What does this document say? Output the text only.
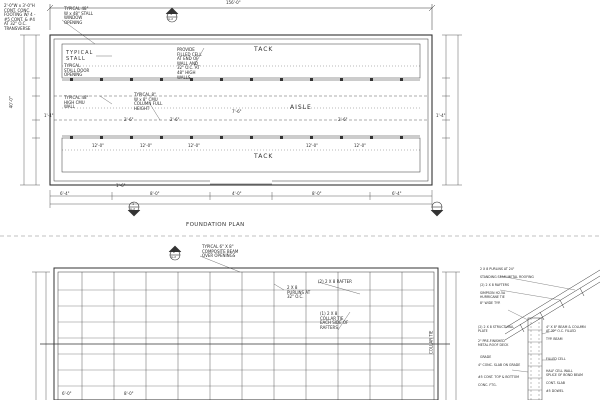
156'-0"
40'-0"
2'-0"W x 3'-0"H
CONT. CONC.
FOOTING W/ 4 -
#5 CONT. & #4
AT 32" O.C.
TRANSVERSE
TYPICAL 48"
W x 48" STALL
WINDOW
OPENING
TYPICAL
STALL
TYPICAL
STALL DOOR
OPENING
PROVIDE
FILLED CELL
AT END OF
WALL AND
32" O.C. AT
48" HIGH
WALLS
TACK
AISLE
TACK
TYPICAL 48"
HIGH CMU
WALL
TYPICAL 8"
W x 8" CMU
COLUMN FULL
HEIGHT
12'-0"	12'-0"	12'-0"	12'-0"	12'-0"
7'-6"
2'-6"	2'-6"	2'-6"
1'-4"	1'-4"
6'-4"	8'-0"	4'-0"	8'-0"	6'-4"
1'-6"
FOUNDATION PLAN
TYPICAL 6" X 8"
COMPOSITE BEAM
OVER OPENINGS
(2) 2 X 8 RAFTER
2 X 8
PURLINS AT
32" O.C.
(1) 2 X 8
COLLAR TIE
EACH SIDE OF
RAFTERS
COLLAR TIE
6'-0"	8'-0"
2 X 8 PURLINS AT 24"
STANDING SEAM METAL ROOFING
(2) 2 X 8 RAFTERS
SIMPSON H2.5A
HURRICANE TIE
8" WIDE TYP.
(2) 2 X 8 STRUCTURAL
PLATE
2" PRE-FINISHED
METAL ROOF DECK
GRADE
4" CONC. SLAB ON GRADE
#5 CONT. TOP & BOTTOM
CONC. FTG.
4" X 8" BEAM & COLUMN
AT 32" O.C. FILLED
TYP. BEAM
FILLED CELL
HALF CELL WALL
SPLICE OF BOND BEAM
CONT. SLAB
#5 DOWEL
1
A-2
1
A-2
2
A-2
